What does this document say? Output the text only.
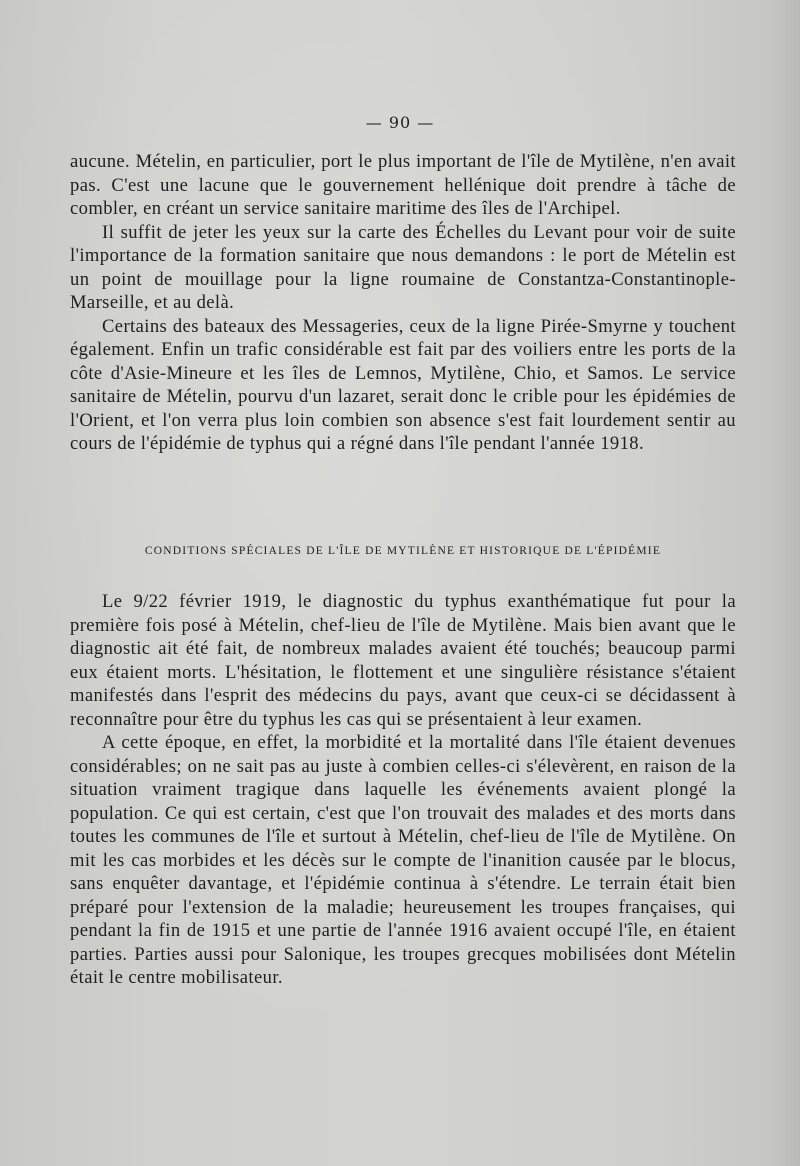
— 90 —

aucune. Mételin, en particulier, port le plus important de l'île de Mytilène, n'en avait pas. C'est une lacune que le gouvernement hellénique doit prendre à tâche de combler, en créant un service sanitaire maritime des îles de l'Archipel.

Il suffit de jeter les yeux sur la carte des Échelles du Levant pour voir de suite l'importance de la formation sanitaire que nous demandons : le port de Mételin est un point de mouillage pour la ligne roumaine de Constantza-Constantinople-Marseille, et au delà.

Certains des bateaux des Messageries, ceux de la ligne Pirée-Smyrne y touchent également. Enfin un trafic considérable est fait par des voiliers entre les ports de la côte d'Asie-Mineure et les îles de Lemnos, Mytilène, Chio, et Samos. Le service sanitaire de Mételin, pourvu d'un lazaret, serait donc le crible pour les épidémies de l'Orient, et l'on verra plus loin combien son absence s'est fait lourdement sentir au cours de l'épidémie de typhus qui a régné dans l'île pendant l'année 1918.

CONDITIONS SPÉCIALES DE L'ÎLE DE MYTILÈNE ET HISTORIQUE DE L'ÉPIDÉMIE

Le 9/22 février 1919, le diagnostic du typhus exanthématique fut pour la première fois posé à Mételin, chef-lieu de l'île de Mytilène. Mais bien avant que le diagnostic ait été fait, de nombreux malades avaient été touchés; beaucoup parmi eux étaient morts. L'hésitation, le flottement et une singulière résistance s'étaient manifestés dans l'esprit des médecins du pays, avant que ceux-ci se décidassent à reconnaître pour être du typhus les cas qui se présentaient à leur examen.

A cette époque, en effet, la morbidité et la mortalité dans l'île étaient devenues considérables; on ne sait pas au juste à combien celles-ci s'élevèrent, en raison de la situation vraiment tragique dans laquelle les événements avaient plongé la population. Ce qui est certain, c'est que l'on trouvait des malades et des morts dans toutes les communes de l'île et surtout à Mételin, chef-lieu de l'île de Mytilène. On mit les cas morbides et les décès sur le compte de l'inanition causée par le blocus, sans enquêter davantage, et l'épidémie continua à s'étendre. Le terrain était bien préparé pour l'extension de la maladie; heureusement les troupes françaises, qui pendant la fin de 1915 et une partie de l'année 1916 avaient occupé l'île, en étaient parties. Parties aussi pour Salonique, les troupes grecques mobilisées dont Mételin était le centre mobilisateur.
